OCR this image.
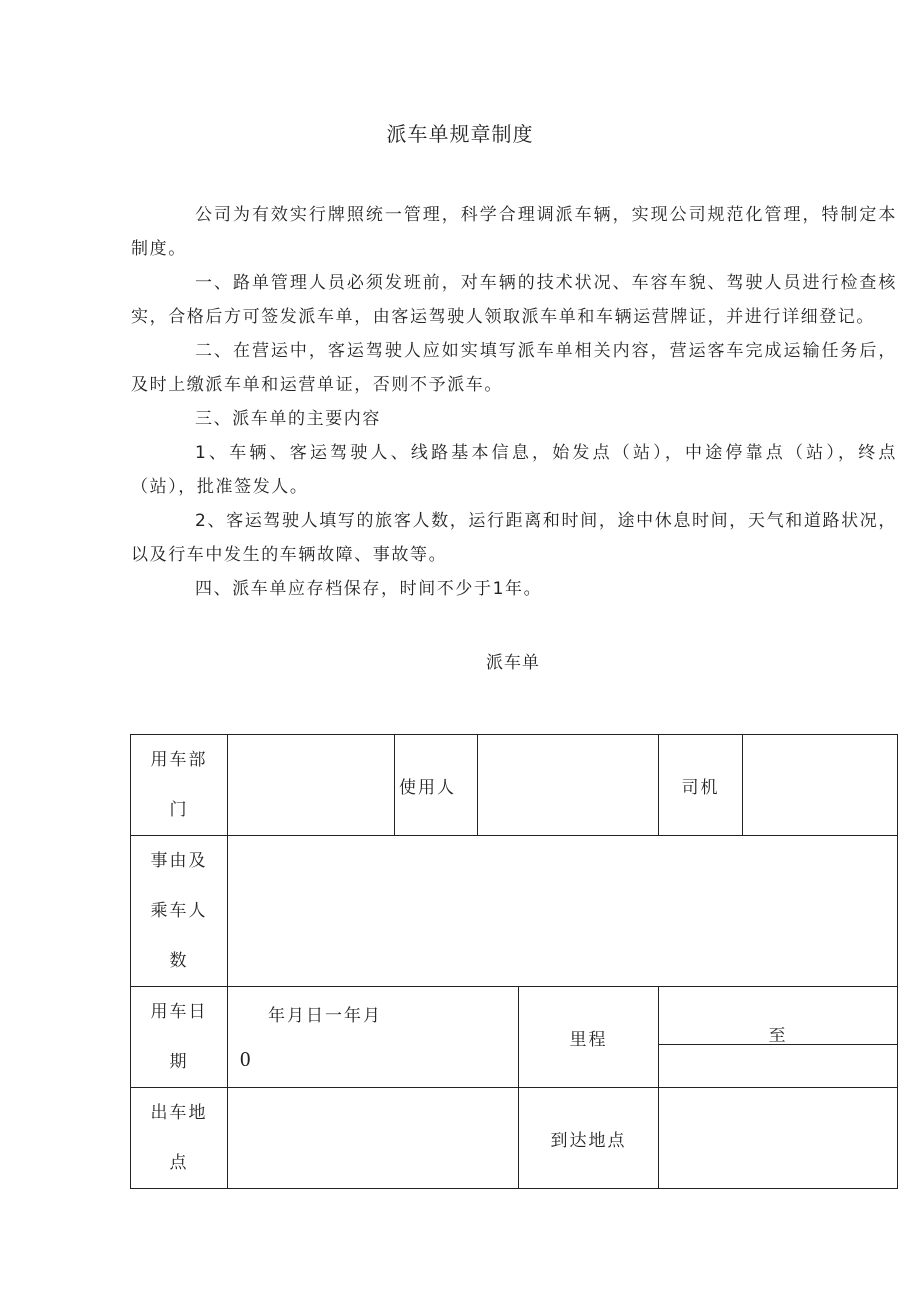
派车单规章制度

公司为有效实行牌照统一管理，科学合理调派车辆，实现公司规范化管理，特制定本制度。

一、路单管理人员必须发班前，对车辆的技术状况、车容车貌、驾驶人员进行检查核实，合格后方可签发派车单，由客运驾驶人领取派车单和车辆运营牌证，并进行详细登记。

二、在营运中，客运驾驶人应如实填写派车单相关内容，营运客车完成运输任务后，及时上缴派车单和运营单证，否则不予派车。

三、派车单的主要内容

1、车辆、客运驾驶人、线路基本信息，始发点（站），中途停靠点（站），终点（站），批准签发人。

2、客运驾驶人填写的旅客人数，运行距离和时间，途中休息时间，天气和道路状况，以及行车中发生的车辆故障、事故等。

四、派车单应存档保存，时间不少于1年。

派车单
用车部
门		使用人			司机	

事由及
乘车人
数						

用车日
期	年月日一年月
0			里程	至	

出车地
点				到达地点		
